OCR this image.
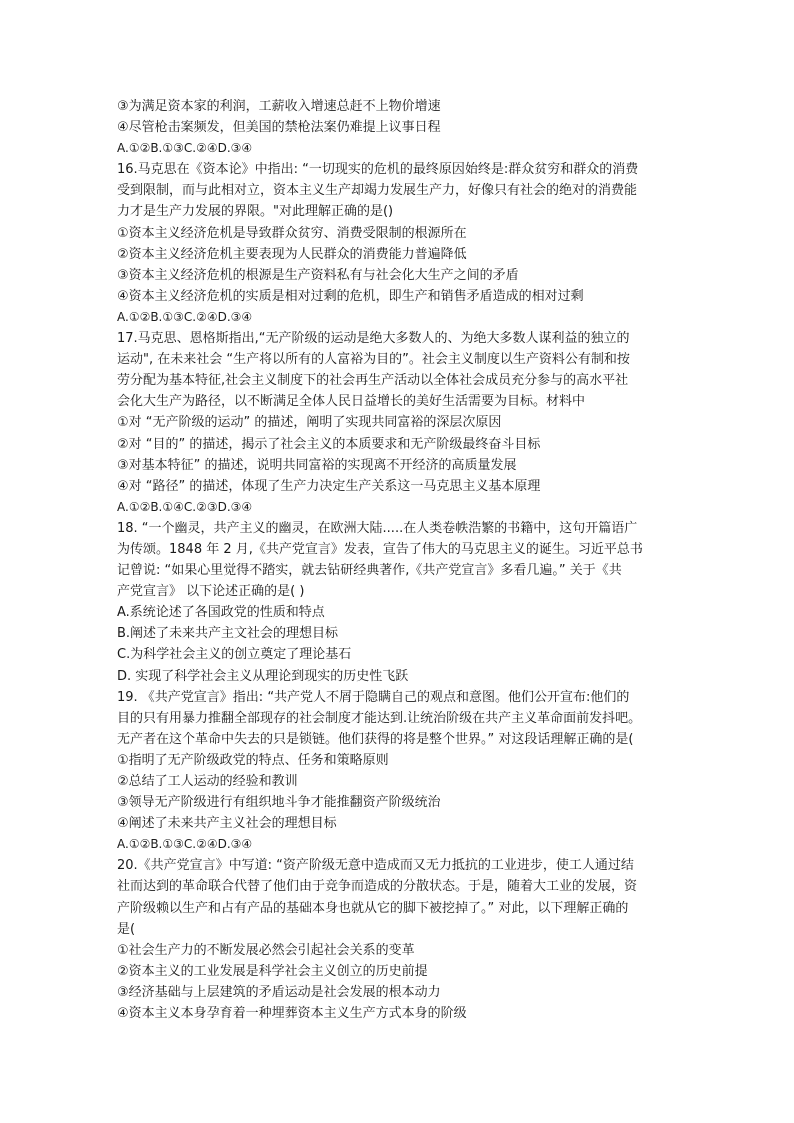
③为满足资本家的利润，工薪收入增速总赶不上物价增速
④尽管枪击案频发，但美国的禁枪法案仍难提上议事日程
A.①②B.①③C.②④D.③④
16.马克思在《资本论》中指出: “一切现实的危机的最终原因始终是:群众贫穷和群众的消费
受到限制，而与此相对立，资本主义生产却竭力发展生产力，好像只有社会的绝对的消费能
力才是生产力发展的界限。"对此理解正确的是()
①资本主义经济危机是导致群众贫穷、消费受限制的根源所在
②资本主义经济危机主要表现为人民群众的消费能力普遍降低
③资本主义经济危机的根源是生产资料私有与社会化大生产之间的矛盾
④资本主义经济危机的实质是相对过剩的危机，即生产和销售矛盾造成的相对过剩
A.①②B.①③C.②④D.③④
17.马克思、恩格斯指出,“无产阶级的运动是绝大多数人的、为绝大多数人谋利益的独立的
运动", 在未来社会 “生产将以所有的人富裕为目的”。社会主义制度以生产资料公有制和按
劳分配为基本特征,社会主义制度下的社会再生产活动以全体社会成员充分参与的高水平社
会化大生产为路径，以不断满足全体人民日益增长的美好生活需要为目标。材料中
①对 “无产阶级的运动” 的描述，阐明了实现共同富裕的深层次原因
②对 “目的” 的描述，揭示了社会主义的本质要求和无产阶级最终奋斗目标
③对基本特征” 的描述，说明共同富裕的实现离不开经济的高质量发展
④对 “路径” 的描述，体现了生产力决定生产关系这一马克思主义基本原理
A.①②B.①④C.②③D.③④
18. “一个幽灵，共产主义的幽灵，在欧洲大陆.....在人类卷帙浩繁的书籍中，这句开篇语广
为传颂。1848 年 2 月,《共产党宣言》发表，宣告了伟大的马克思主义的诞生。习近平总书
记曾说: “如果心里觉得不踏实，就去钻研经典著作,《共产党宣言》多看几遍。” 关于《共
产党宣言》 以下论述正确的是( )
A.系统论述了各国政党的性质和特点
B.阐述了未来共产主文社会的理想目标
C.为科学社会主义的创立奠定了理论基石
D. 实现了科学社会主义从理论到现实的历史性飞跃
19. 《共产党宣言》指出: “共产党人不屑于隐瞒自己的观点和意图。他们公开宣布:他们的
目的只有用暴力推翻全部现存的社会制度才能达到.让统治阶级在共产主义革命面前发抖吧。
无产者在这个革命中失去的只是锁链。他们获得的将是整个世界。” 对这段话理解正确的是(
①指明了无产阶级政党的特点、任务和策略原则
②总结了工人运动的经验和教训
③领导无产阶级进行有组织地斗争才能推翻资产阶级统治
④阐述了未来共产主义社会的理想目标
A.①②B.①③C.②④D.③④
20.《共产党宣言》中写道: “资产阶级无意中造成而又无力抵抗的工业进步，使工人通过结
社而达到的革命联合代替了他们由于竞争而造成的分散状态。于是，随着大工业的发展，资
产阶级赖以生产和占有产品的基础本身也就从它的脚下被挖掉了。” 对此，以下理解正确的
是(
①社会生产力的不断发展必然会引起社会关系的变革
②资本主义的工业发展是科学社会主义创立的历史前提
③经济基础与上层建筑的矛盾运动是社会发展的根本动力
④资本主义本身孕育着一种埋葬资本主义生产方式本身的阶级
